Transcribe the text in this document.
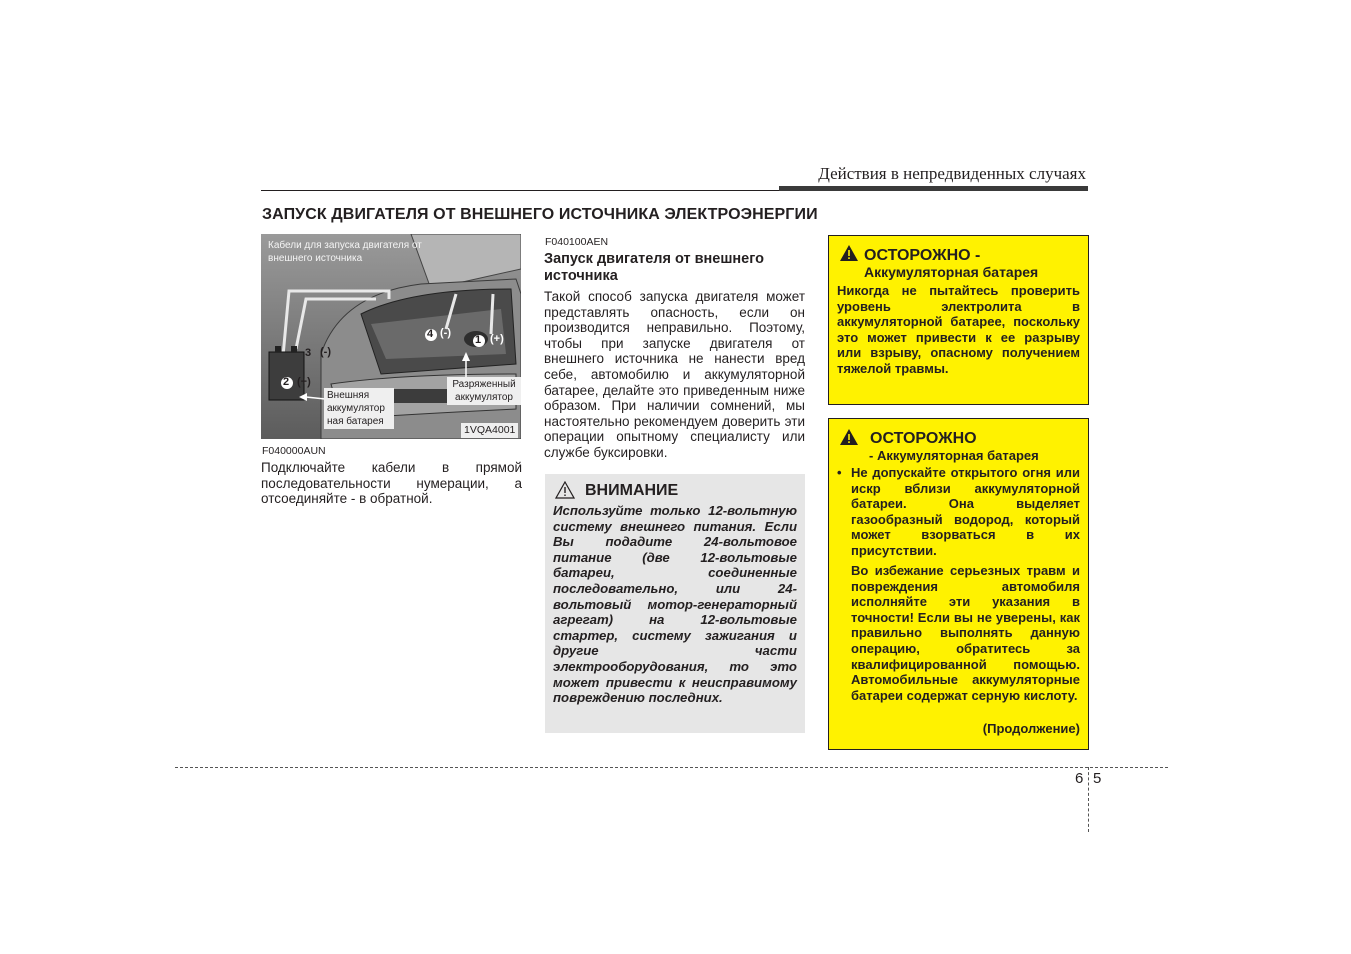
Действия в непредвиденных случаях
ЗАПУСК ДВИГАТЕЛЯ ОТ ВНЕШНЕГО ИСТОЧНИКА ЭЛЕКТРОЭНЕРГИИ
Кабели для запуска двигателя от внешнего источника
Внешняя аккумулятор ная батарея
Разряженный аккумулятор
4 (-)
1 (+)
3 (-)
2 (+)
1VQA4001
F040000AUN
Подключайте кабели в прямой последовательности нумерации, а отсоединяйте - в обратной.
F040100AEN
Запуск двигателя от внешнего источника
Такой способ запуска двигателя может представлять опасность, если он производится неправильно. Поэтому, чтобы при запуске двигателя от внешнего источника не нанести вред себе, автомобилю и аккумуляторной батарее, делайте это приведенным ниже образом. При наличии сомнений, мы настоятельно рекомендуем доверить эти операции опытному специалисту или службе буксировки.
ВНИМАНИЕ
Используйте только 12-вольтную систему внешнего питания. Если Вы подадите 24-вольтовое питание (две 12-вольтовые батареи, соединенные последовательно, или 24-вольтовый мотор-генераторный агрегат) на 12-вольтовые стартер, систему зажигания и другие части электрооборудования, то это может привести к неисправимому повреждению последних.
ОСТОРОЖНО -
Аккумуляторная батарея
Никогда не пытайтесь проверить уровень электролита в аккумуляторной батарее, поскольку это может привести к ее разрыву или взрыву, опасному получением тяжелой травмы.
ОСТОРОЖНО
- Аккумуляторная батарея
• Не допускайте открытого огня или искр вблизи аккумуляторной батареи. Она выделяет газообразный водород, который может взорваться в их присутствии.
Во избежание серьезных травм и повреждения автомобиля исполняйте эти указания в точности! Если вы не уверены, как правильно выполнять данную операцию, обратитесь за квалифицированной помощью. Автомобильные аккумуляторные батареи содержат серную кислоту.
(Продолжение)
6 5
